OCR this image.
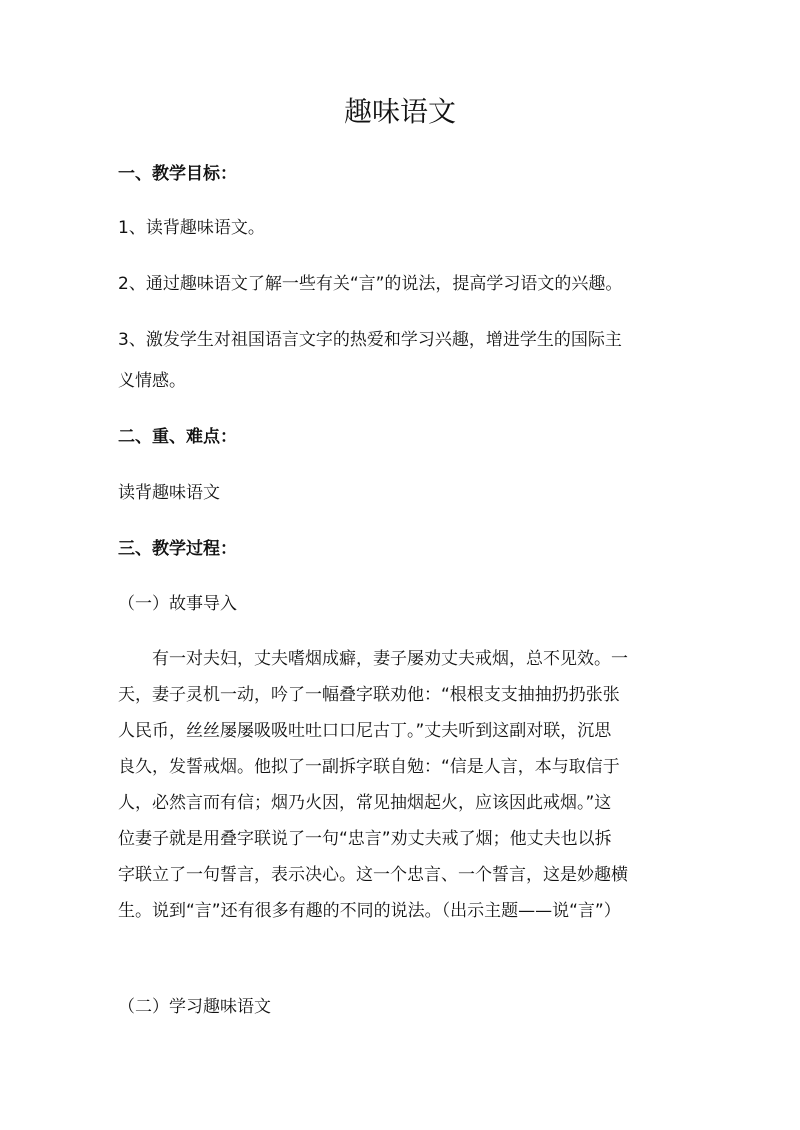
趣味语文

一、教学目标：

1、读背趣味语文。

2、通过趣味语文了解一些有关“言”的说法，提高学习语文的兴趣。

3、激发学生对祖国语言文字的热爱和学习兴趣，增进学生的国际主

义情感。

二、重、难点：

读背趣味语文

三、教学过程：

（一）故事导入

　　有一对夫妇，丈夫嗜烟成癖，妻子屡劝丈夫戒烟，总不见效。一
天，妻子灵机一动，吟了一幅叠字联劝他：“根根支支抽抽扔扔张张
人民币，丝丝屡屡吸吸吐吐口口尼古丁。”丈夫听到这副对联，沉思
良久，发誓戒烟。他拟了一副拆字联自勉：“信是人言，本与取信于
人，必然言而有信；烟乃火因，常见抽烟起火，应该因此戒烟。”这
位妻子就是用叠字联说了一句“忠言”劝丈夫戒了烟；他丈夫也以拆
字联立了一句誓言，表示决心。这一个忠言、一个誓言，这是妙趣横
生。说到“言”还有很多有趣的不同的说法。（出示主题——说“言”）

（二）学习趣味语文
